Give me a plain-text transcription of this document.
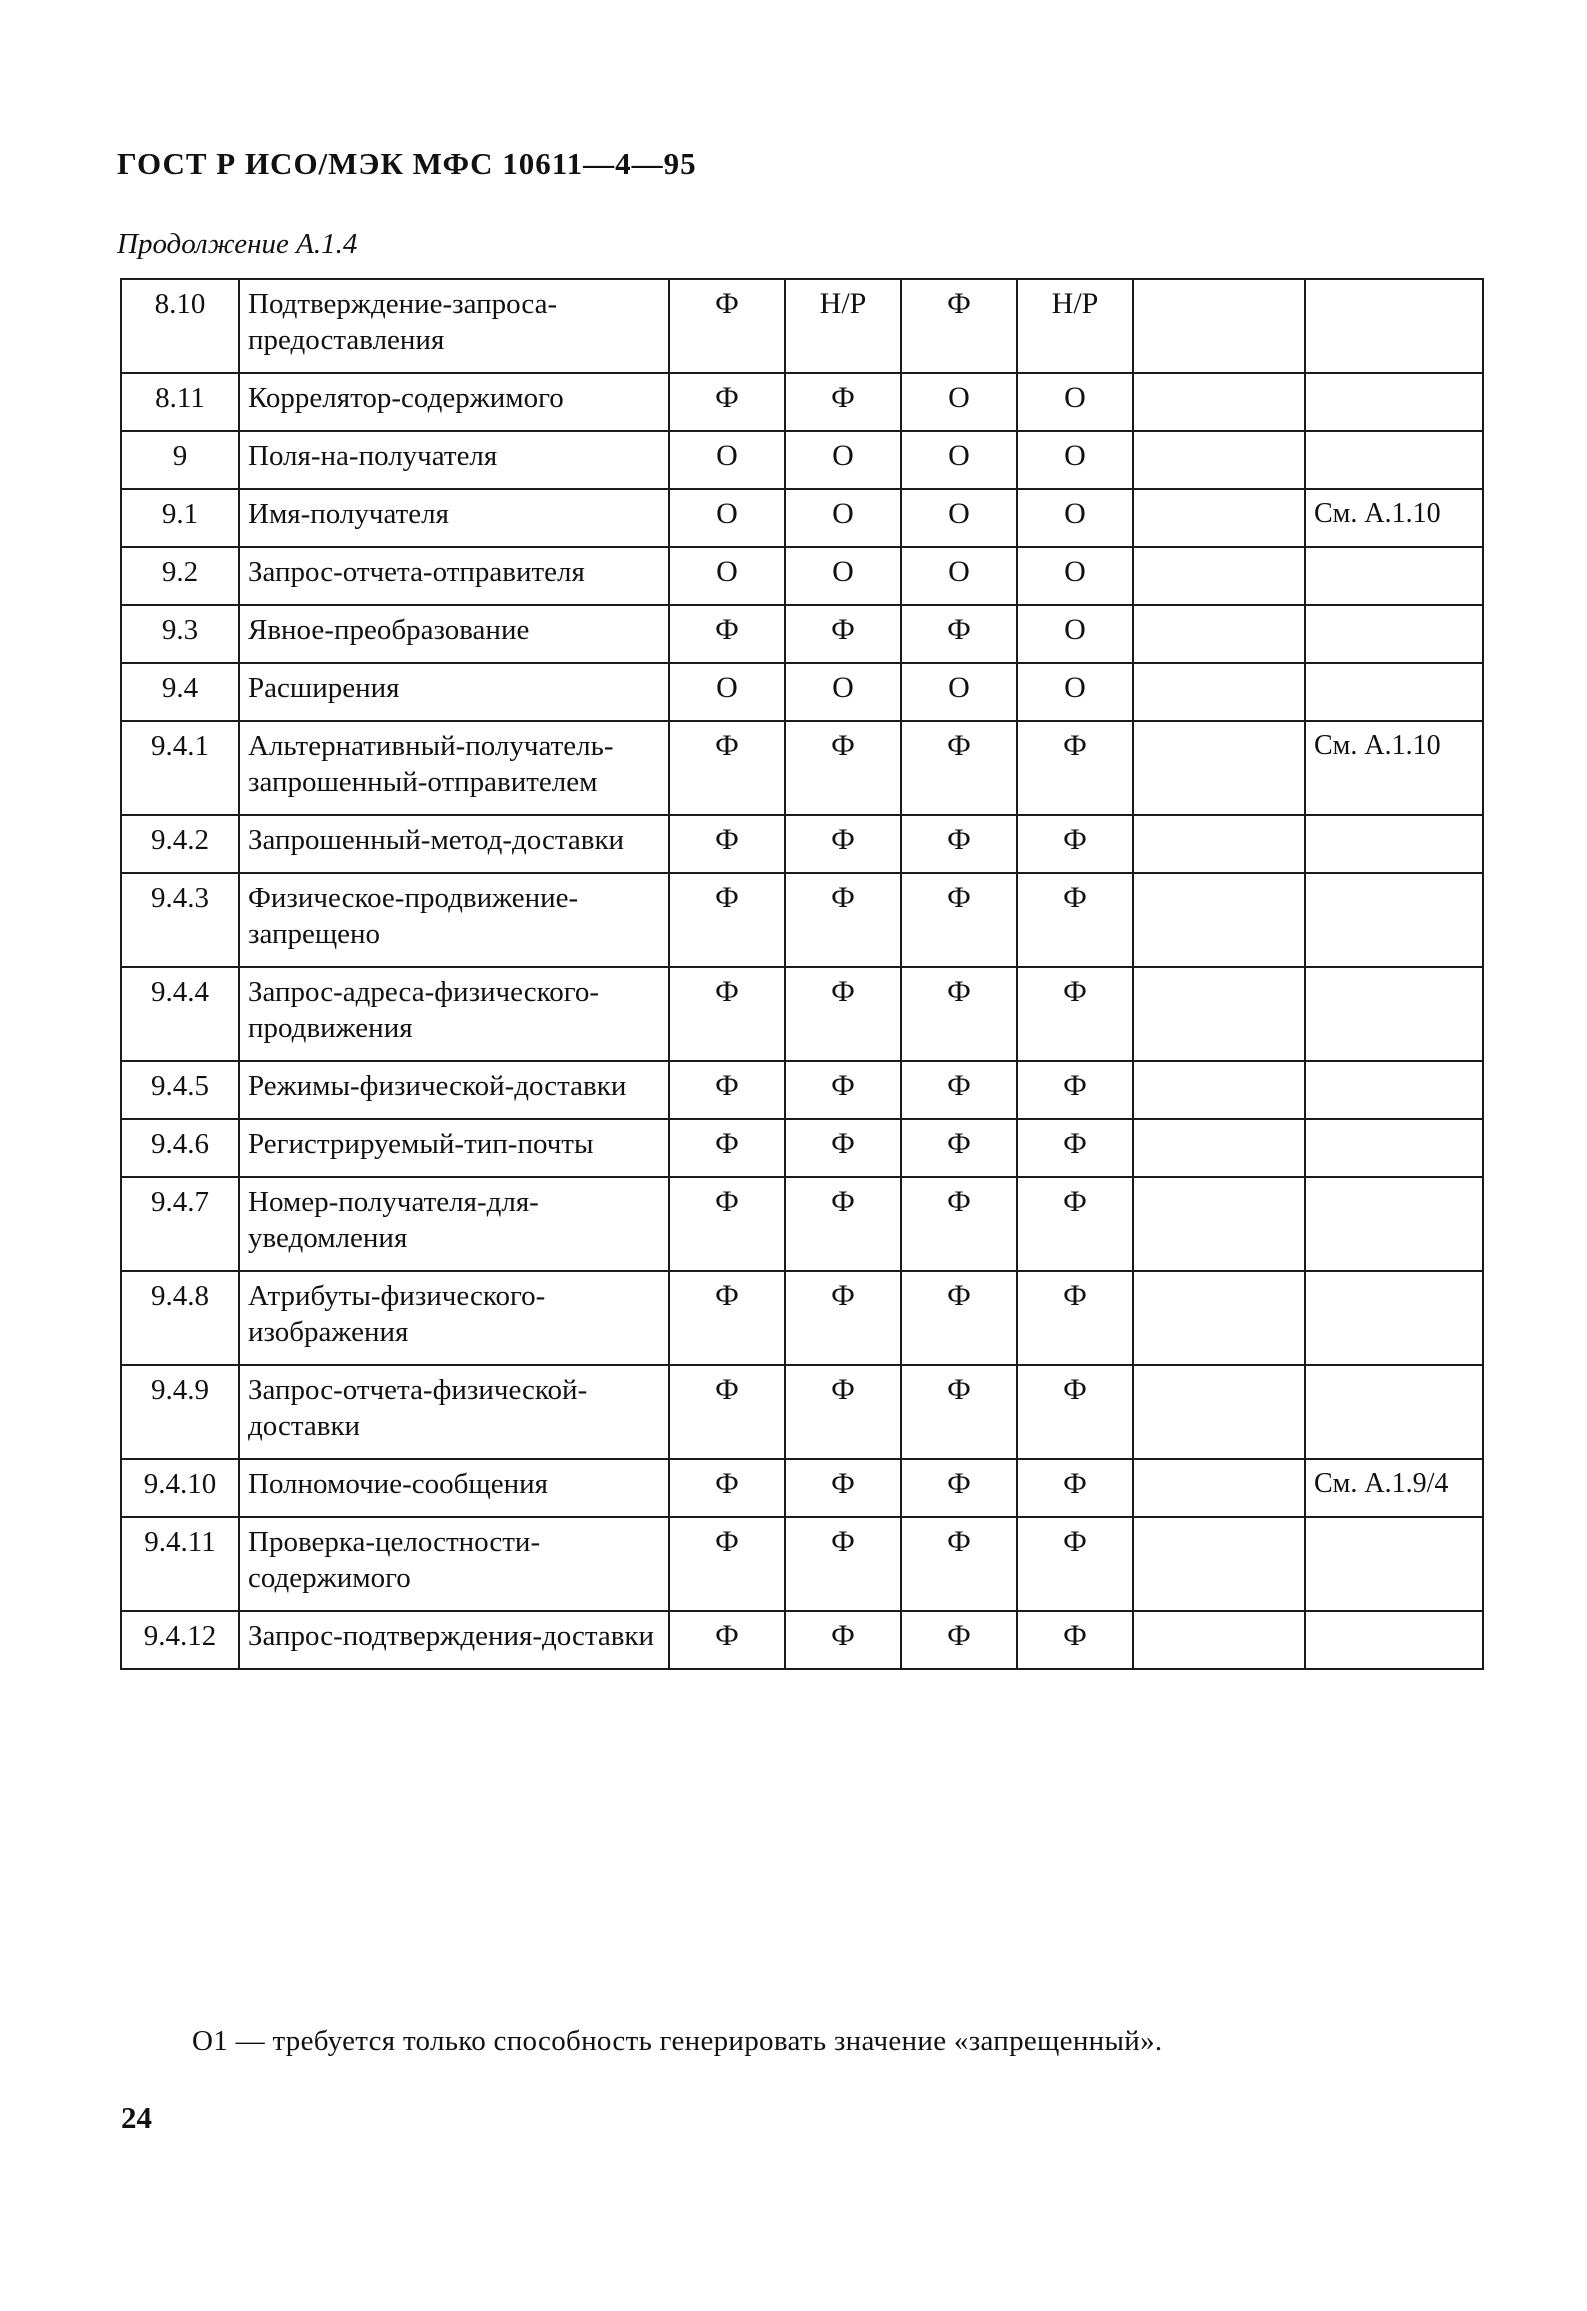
ГОСТ Р ИСО/МЭК МФС 10611—4—95
Продолжение А.1.4
8.10	Подтверждение-запроса-предоставления	Ф	Н/Р	Ф	Н/Р		
8.11	Коррелятор-содержимого	Ф	Ф	О	О		
9	Поля-на-получателя	О	О	О	О		
9.1	Имя-получателя	О	О	О	О		См. А.1.10
9.2	Запрос-отчета-отправителя	О	О	О	О		
9.3	Явное-преобразование	Ф	Ф	Ф	О		
9.4	Расширения	О	О	О	О		
9.4.1	Альтернативный-получатель-запрошенный-отправителем	Ф	Ф	Ф	Ф		См. А.1.10
9.4.2	Запрошенный-метод-доставки	Ф	Ф	Ф	Ф		
9.4.3	Физическое-продвижение-запрещено	Ф	Ф	Ф	Ф		
9.4.4	Запрос-адреса-физического-продвижения	Ф	Ф	Ф	Ф		
9.4.5	Режимы-физической-доставки	Ф	Ф	Ф	Ф		
9.4.6	Регистрируемый-тип-почты	Ф	Ф	Ф	Ф		
9.4.7	Номер-получателя-для-уведомления	Ф	Ф	Ф	Ф		
9.4.8	Атрибуты-физического-изображения	Ф	Ф	Ф	Ф		
9.4.9	Запрос-отчета-физической-доставки	Ф	Ф	Ф	Ф		
9.4.10	Полномочие-сообщения	Ф	Ф	Ф	Ф		См. А.1.9/4
9.4.11	Проверка-целостности-содержимого	Ф	Ф	Ф	Ф		
9.4.12	Запрос-подтверждения-доставки	Ф	Ф	Ф	Ф		
О1 — требуется только способность генерировать значение «запрещенный».
24
